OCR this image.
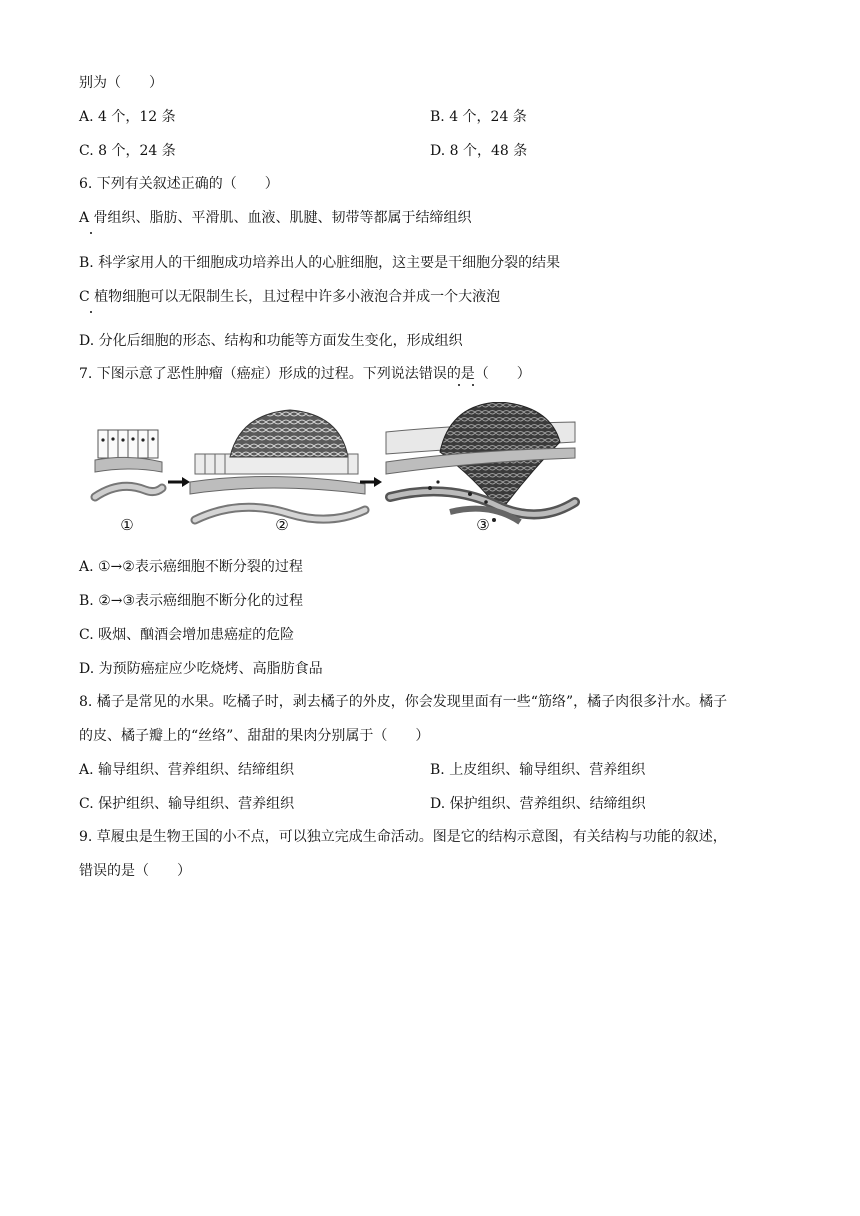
别为（　　）
A. 4 个，12 条	B. 4 个，24 条
C. 8 个，24 条	D. 8 个，48 条
6. 下列有关叙述正确的（　　）
A 骨组织、脂肪、平滑肌、血液、肌腱、韧带等都属于结缔组织
B. 科学家用人的干细胞成功培养出人的心脏细胞，这主要是干细胞分裂的结果
C 植物细胞可以无限制生长，且过程中许多小液泡合并成一个大液泡
D. 分化后细胞的形态、结构和功能等方面发生变化，形成组织
7. 下图示意了恶性肿瘤（癌症）形成的过程。下列说法错误的是（　　）
①	②	③
A. ①→②表示癌细胞不断分裂的过程
B. ②→③表示癌细胞不断分化的过程
C. 吸烟、酗酒会增加患癌症的危险
D. 为预防癌症应少吃烧烤、高脂肪食品
8. 橘子是常见的水果。吃橘子时，剥去橘子的外皮，你会发现里面有一些“筋络”，橘子肉很多汁水。橘子
的皮、橘子瓣上的“丝络”、甜甜的果肉分别属于（　　）
A. 输导组织、营养组织、结缔组织	B. 上皮组织、输导组织、营养组织
C. 保护组织、输导组织、营养组织	D. 保护组织、营养组织、结缔组织
9. 草履虫是生物王国的小不点，可以独立完成生命活动。图是它的结构示意图，有关结构与功能的叙述，
错误的是（　　）
